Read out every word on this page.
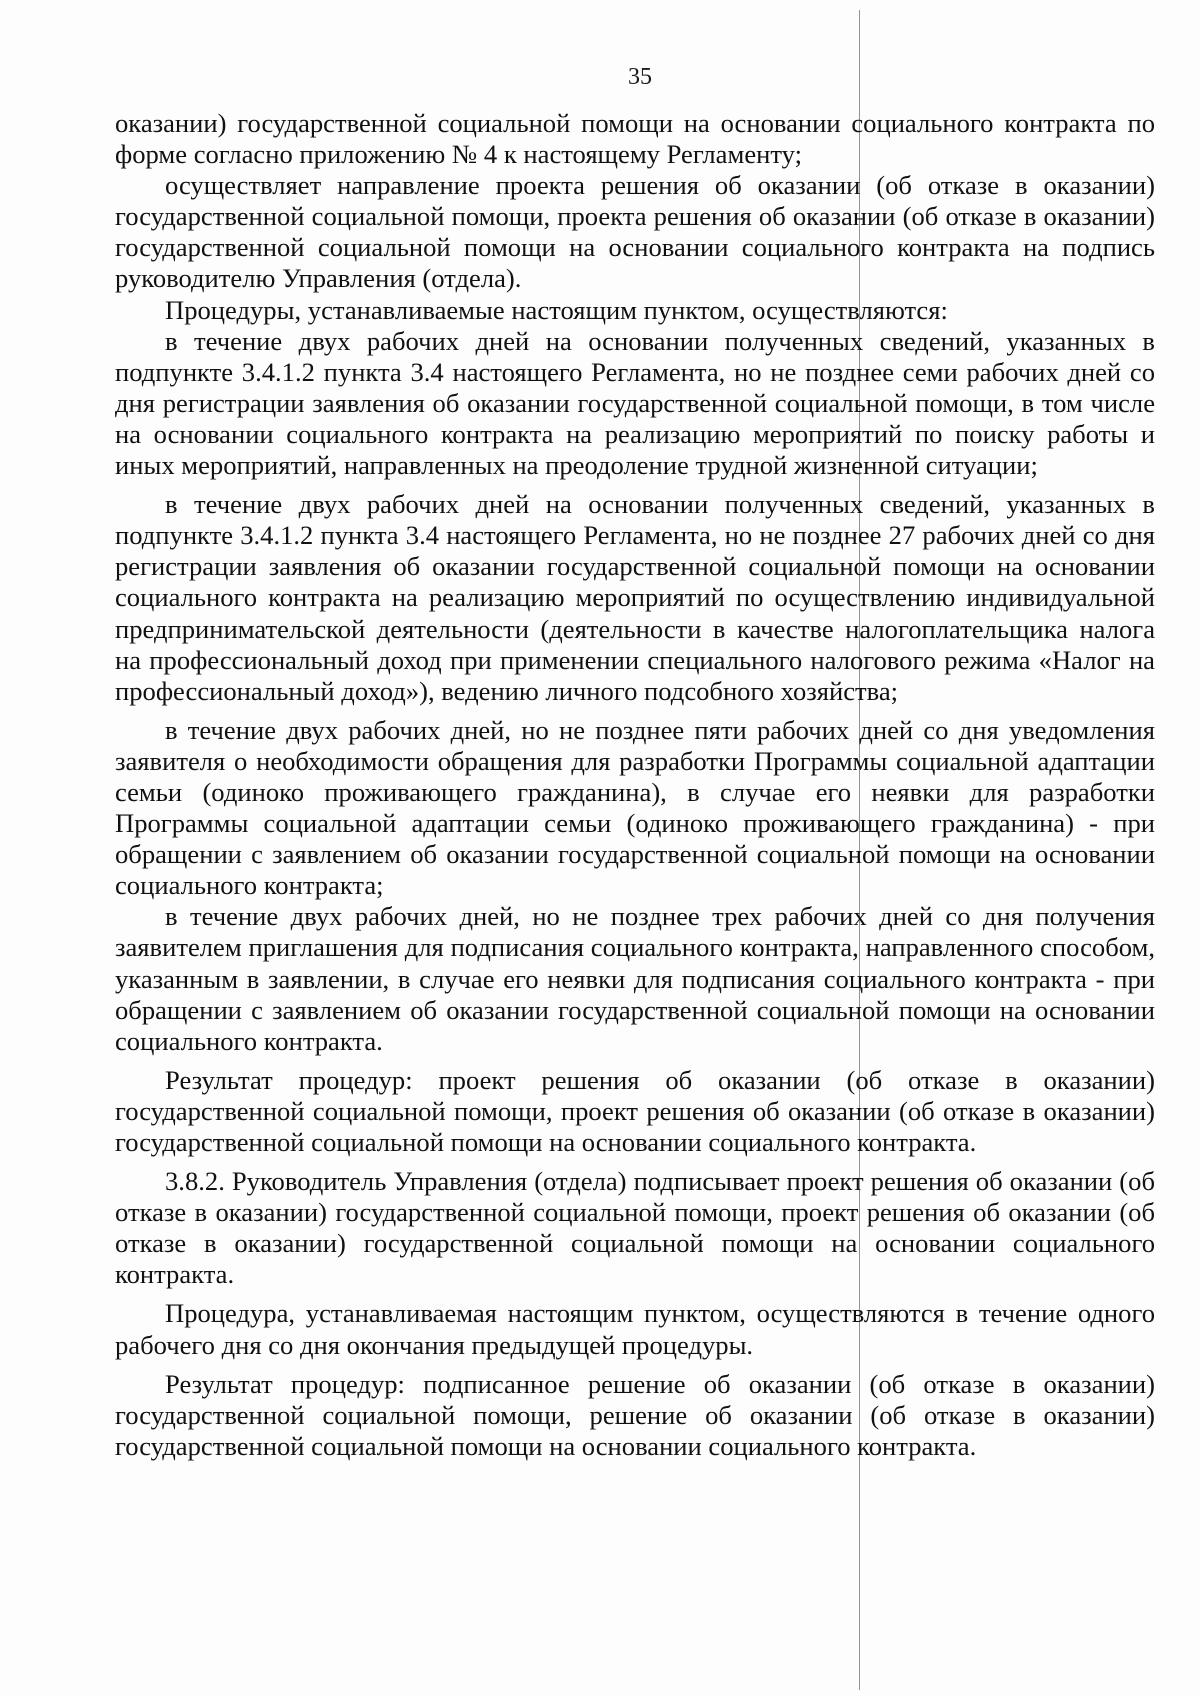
35

оказании) государственной социальной помощи на основании социального контракта по форме согласно приложению № 4 к настоящему Регламенту;

осуществляет направление проекта решения об оказании (об отказе в оказании) государственной социальной помощи, проекта решения об оказании (об отказе в оказании) государственной социальной помощи на основании социального контракта на подпись руководителю Управления (отдела).

Процедуры, устанавливаемые настоящим пунктом, осуществляются:

в течение двух рабочих дней на основании полученных сведений, указанных в подпункте 3.4.1.2 пункта 3.4 настоящего Регламента, но не позднее семи рабочих дней со дня регистрации заявления об оказании государственной социальной помощи, в том числе на основании социального контракта на реализацию мероприятий по поиску работы и иных мероприятий, направленных на преодоление трудной жизненной ситуации;

в течение двух рабочих дней на основании полученных сведений, указанных в подпункте 3.4.1.2 пункта 3.4 настоящего Регламента, но не позднее 27 рабочих дней со дня регистрации заявления об оказании государственной социальной помощи на основании социального контракта на реализацию мероприятий по осуществлению индивидуальной предпринимательской деятельности (деятельности в качестве налогоплательщика налога на профессиональный доход при применении специального налогового режима «Налог на профессиональный доход»), ведению личного подсобного хозяйства;

в течение двух рабочих дней, но не позднее пяти рабочих дней со дня уведомления заявителя о необходимости обращения для разработки Программы социальной адаптации семьи (одиноко проживающего гражданина), в случае его неявки для разработки Программы социальной адаптации семьи (одиноко проживающего гражданина) - при обращении с заявлением об оказании государственной социальной помощи на основании социального контракта;

в течение двух рабочих дней, но не позднее трех рабочих дней со дня получения заявителем приглашения для подписания социального контракта, направленного способом, указанным в заявлении, в случае его неявки для подписания социального контракта - при обращении с заявлением об оказании государственной социальной помощи на основании социального контракта.

Результат процедур: проект решения об оказании (об отказе в оказании) государственной социальной помощи, проект решения об оказании (об отказе в оказании) государственной социальной помощи на основании социального контракта.

3.8.2. Руководитель Управления (отдела) подписывает проект решения об оказании (об отказе в оказании) государственной социальной помощи, проект решения об оказании (об отказе в оказании) государственной социальной помощи на основании социального контракта.

Процедура, устанавливаемая настоящим пунктом, осуществляются в течение одного рабочего дня со дня окончания предыдущей процедуры.

Результат процедур: подписанное решение об оказании (об отказе в оказании) государственной социальной помощи, решение об оказании (об отказе в оказании) государственной социальной помощи на основании социального контракта.
